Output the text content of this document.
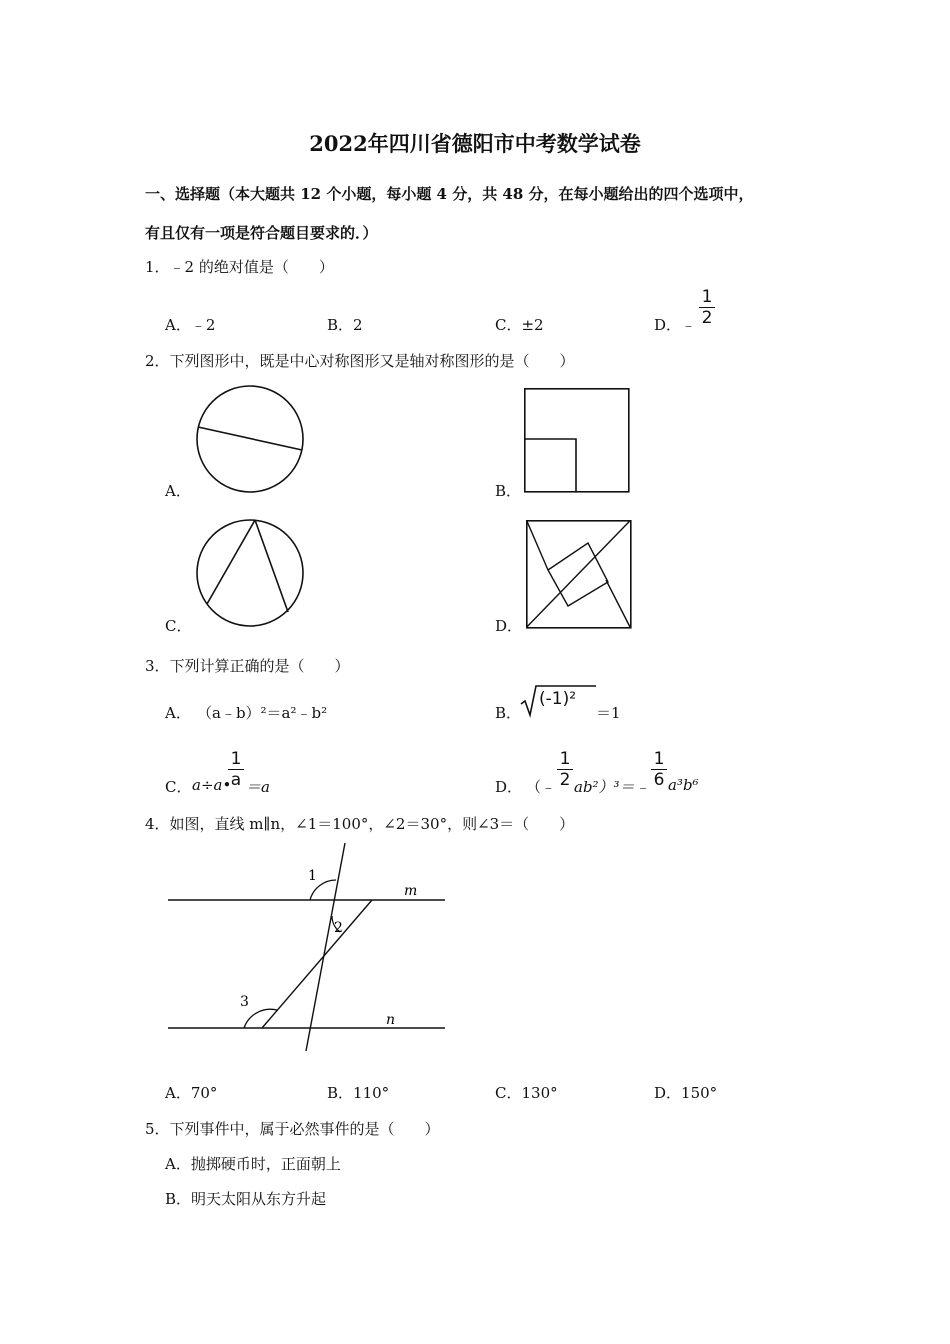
2022年四川省德阳市中考数学试卷
一、选择题（本大题共 12 个小题，每小题 4 分，共 48 分，在每小题给出的四个选项中，
有且仅有一项是符合题目要求的．）
1．﹣2 的绝对值是（　　）
A．﹣2	B．2	C．±2	D．﹣
1
2
2．下列图形中，既是中心对称图形又是轴对称图形的是（　　）
A．	B．
C．	D．
3．下列计算正确的是（　　）
A． （a﹣b）²＝a²﹣b²	B．
(-1)²
＝1
C． a÷a•
1
a ＝a	D． （﹣
1
2 ab²）³＝﹣
1
6 a³b⁶
4．如图，直线 m∥n，∠1＝100°，∠2＝30°，则∠3＝（　　）
1
2
3
m
n
A．70°	B．110°	C．130°	D．150°
5．下列事件中，属于必然事件的是（　　）
A．抛掷硬币时，正面朝上
B．明天太阳从东方升起
